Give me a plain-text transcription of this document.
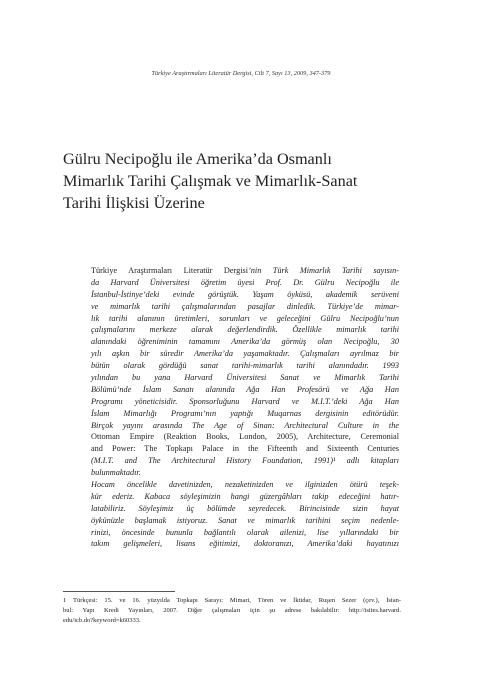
Türkiye Araştırmaları Literatür Dergisi, Cilt 7, Sayı 13, 2009, 347-379
Gülru Necipoğlu ile Amerika’da Osmanlı
Mimarlık Tarihi Çalışmak ve Mimarlık-Sanat
Tarihi İlişkisi Üzerine
Türkiye Araştırmaları Literatür Dergisi’nin Türk Mimarlık Tarihi sayısın-
da Harvard Üniversitesi öğretim üyesi Prof. Dr. Gülru Necipoğlu ile
İstanbul-İstinye’deki evinde görüştük. Yaşam öyküsü, akademik serüveni
ve mimarlık tarihi çalışmalarından pasajlar dinledik. Türkiye’de mimar-
lık tarihi alanının üretimleri, sorunları ve geleceğini Gülru Necipoğlu’nun
çalışmalarını merkeze alarak değerlendirdik. Özellikle mimarlık tarihi
alanındaki öğreniminin tamamını Amerika’da görmüş olan Necipoğlu, 30
yılı aşkın bir süredir Amerika’da yaşamaktadır. Çalışmaları ayrılmaz bir
bütün olarak gördüğü sanat tarihi-mimarlık tarihi alanındadır. 1993
yılından bu yana Harvard Üniversitesi Sanat ve Mimarlık Tarihi
Bölümü’nde İslam Sanatı alanında Ağa Han Profesörü ve Ağa Han
Programı yöneticisidir. Sponsorluğunu Harvard ve M.I.T.’deki Ağa Han
İslam Mimarlığı Programı’nın yaptığı Muqarnas dergisinin editörüdür.
Birçok yayını arasında The Age of Sinan: Architectural Culture in the
Ottoman Empire (Reaktion Books, London, 2005), Architecture, Ceremonial
and Power: The Topkapı Palace in the Fifteenth and Sixteenth Centuries
(M.I.T. and The Architectural History Foundation, 1991)¹ adlı kitapları
bulunmaktadır.
Hocam öncelikle davetinizden, nezaketinizden ve ilginizden ötürü teşek-
kür ederiz. Kabaca söyleşimizin hangi güzergâhları takip edeceğini hatır-
latabiliriz. Söyleşimiz üç bölümde seyredecek. Birincisinde sizin hayat
öykünüzle başlamak istiyoruz. Sanat ve mimarlık tarihini seçim nedenle-
rinizi, öncesinde bununla bağlantılı olarak ailenizi, lise yıllarındaki bir
takım gelişmeleri, lisans eğitimizi, doktoranızı, Amerika’daki hayatınızı
1 Türkçesi: 15. ve 16. yüzyılda Topkapı Sarayı: Mimari, Tören ve İktidar, Ruşen Sezer (çev.), İstan-
bul: Yapı Kredi Yayınları, 2007. Diğer çalışmaları için şu adrese bakılabilir: http://isites.harvard.
edu/icb.do?keyword=k60333.
